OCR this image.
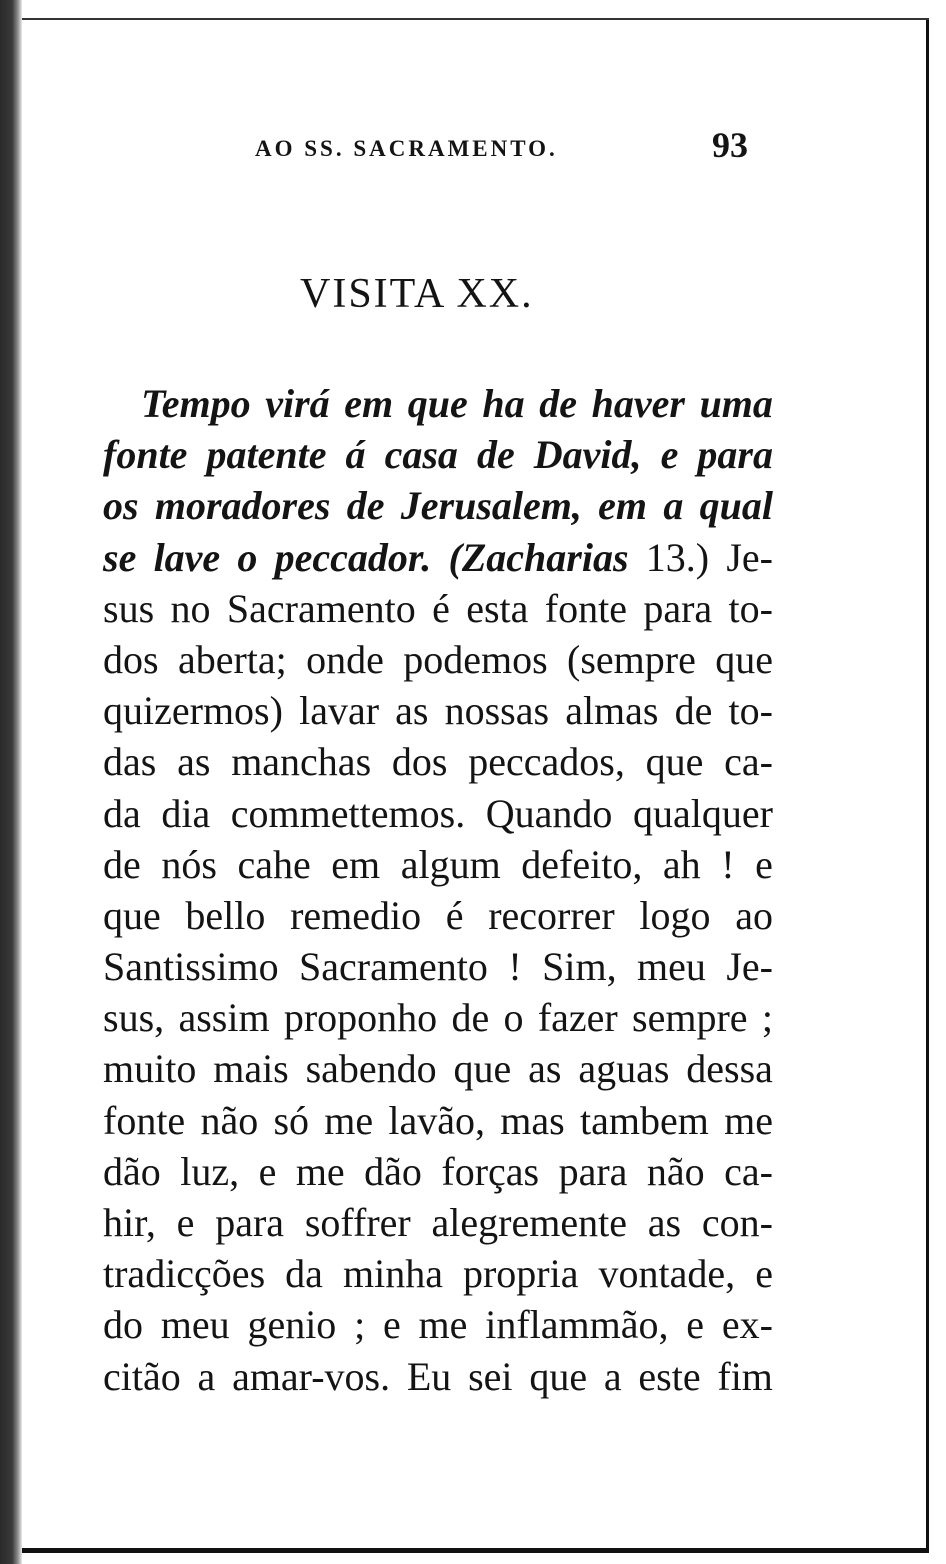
AO SS. SACRAMENTO.	93
VISITA XX.
Tempo virá em que ha de haver uma
fonte patente á casa de David, e para
os moradores de Jerusalem, em a qual
se lave o peccador. (Zacharias 13.) Je-
sus no Sacramento é esta fonte para to-
dos aberta; onde podemos (sempre que
quizermos) lavar as nossas almas de to-
das as manchas dos peccados, que ca-
da dia commettemos. Quando qualquer
de nós cahe em algum defeito, ah ! e
que bello remedio é recorrer logo ao
Santissimo Sacramento ! Sim, meu Je-
sus, assim proponho de o fazer sempre ;
muito mais sabendo que as aguas dessa
fonte não só me lavão, mas tambem me
dão luz, e me dão forças para não ca-
hir, e para soffrer alegremente as con-
tradicções da minha propria vontade, e
do meu genio ; e me inflammão, e ex-
citão a amar-vos. Eu sei que a este fim
